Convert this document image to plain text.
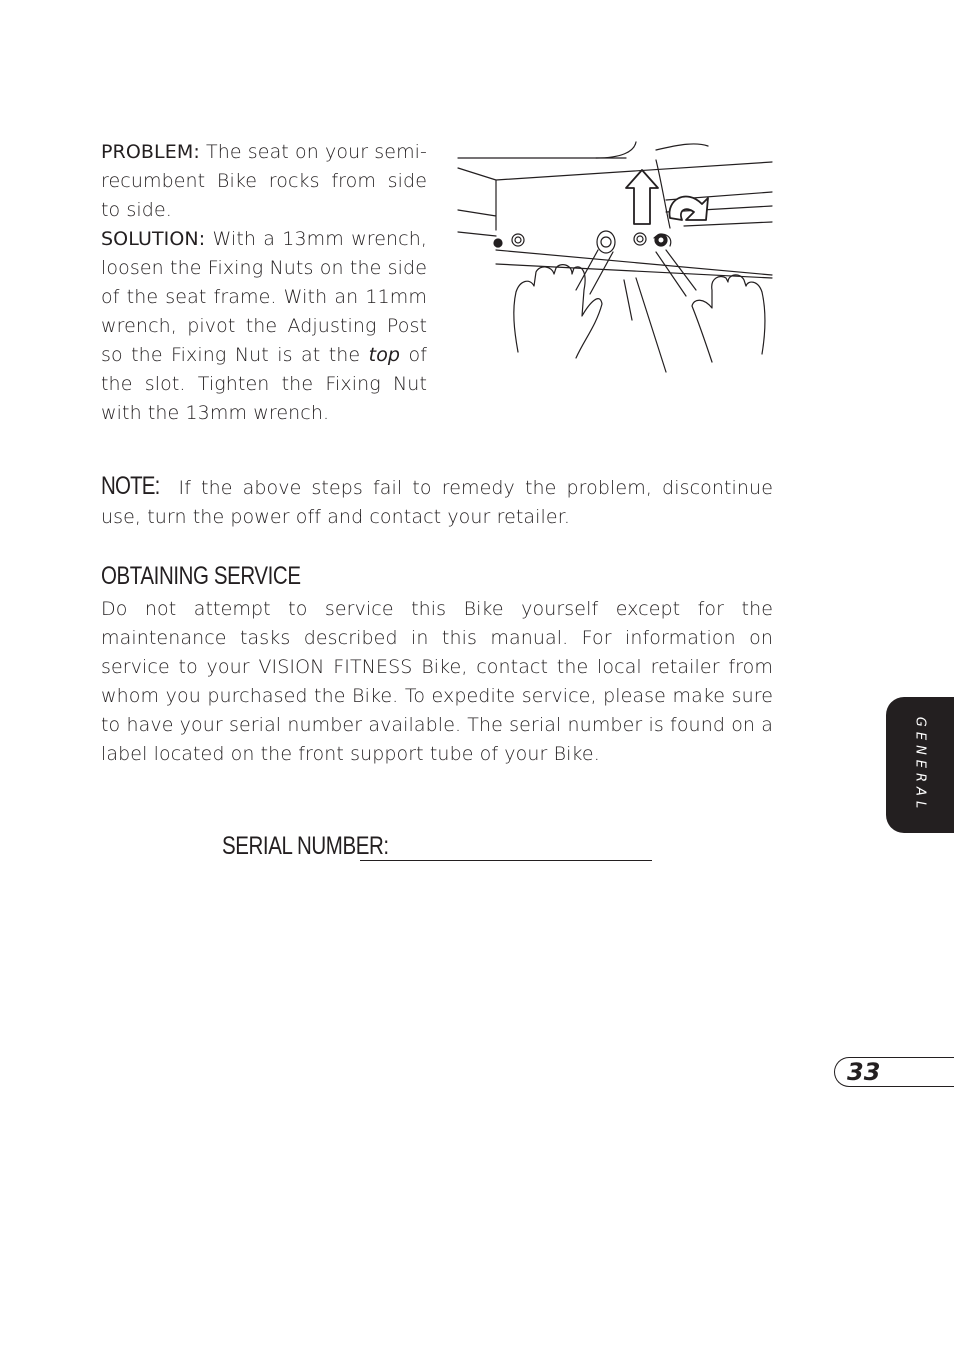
PROBLEM: The seat on your semi-recumbent Bike rocks from side to side.
SOLUTION: With a 13mm wrench, loosen the Fixing Nuts on the side of the seat frame. With an 11mm wrench, pivot the Adjusting Post so the Fixing Nut is at the top of the slot. Tighten the Fixing Nut with the 13mm wrench.
NOTE: If the above steps fail to remedy the problem, discontinue use, turn the power off and contact your retailer.
OBTAINING SERVICE
Do not attempt to service this Bike yourself except for the maintenance tasks described in this manual. For information on service to your VISION FITNESS Bike, contact the local retailer from whom you purchased the Bike. To expedite service, please make sure to have your serial number available. The serial number is found on a label located on the front support tube of your Bike.
SERIAL NUMBER:
GENERAL
33
